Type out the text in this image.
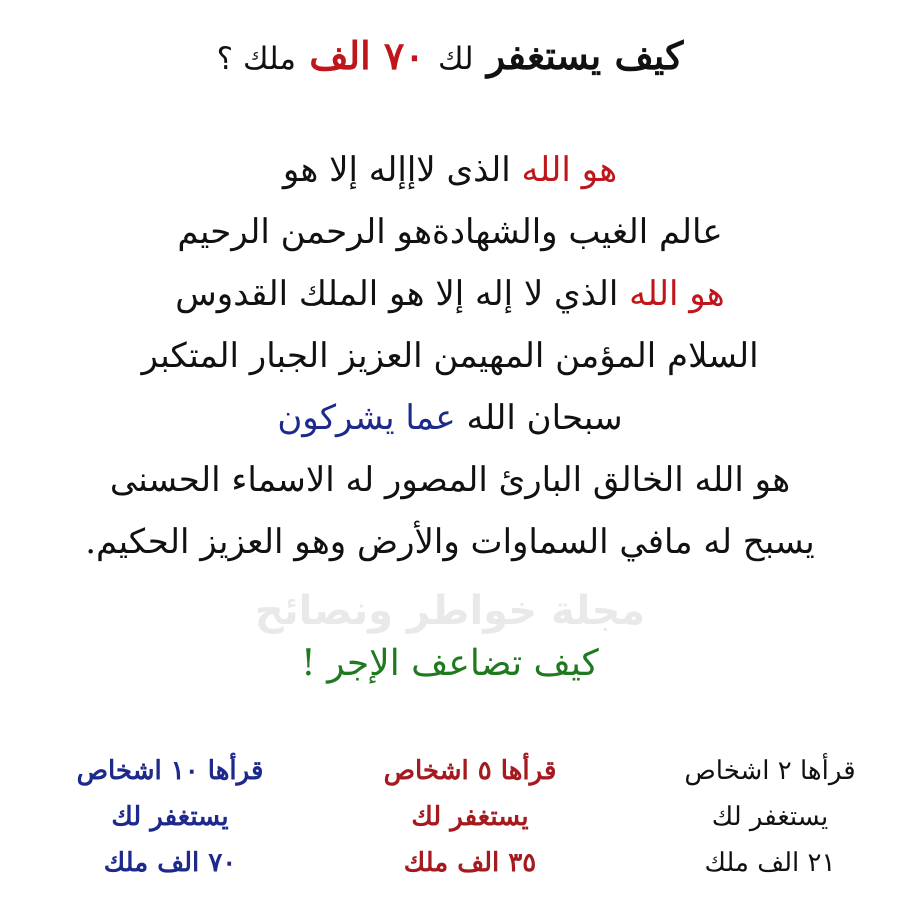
كيف يستغفر لك ٧٠ الف ملك ؟
هو الله الذى لاإإله إلا هو
عالم الغيب والشهادةهو الرحمن الرحيم
هو الله الذي لا إله إلا هو الملك القدوس
السلام المؤمن المهيمن العزيز الجبار المتكبر
سبحان الله عما يشركون
هو الله الخالق البارئ المصور له الاسماء الحسنى
يسبح له مافي السماوات والأرض وهو العزيز الحكيم.
مجلة خواطر ونصائح
كيف تضاعف الإجر !
قرأها ٢ اشخاص
يستغفر لك
٢١ الف ملك
قرأها ٥ اشخاص
يستغفر لك
٣٥ الف ملك
قرأها ١٠ اشخاص
يستغفر لك
٧٠ الف ملك
